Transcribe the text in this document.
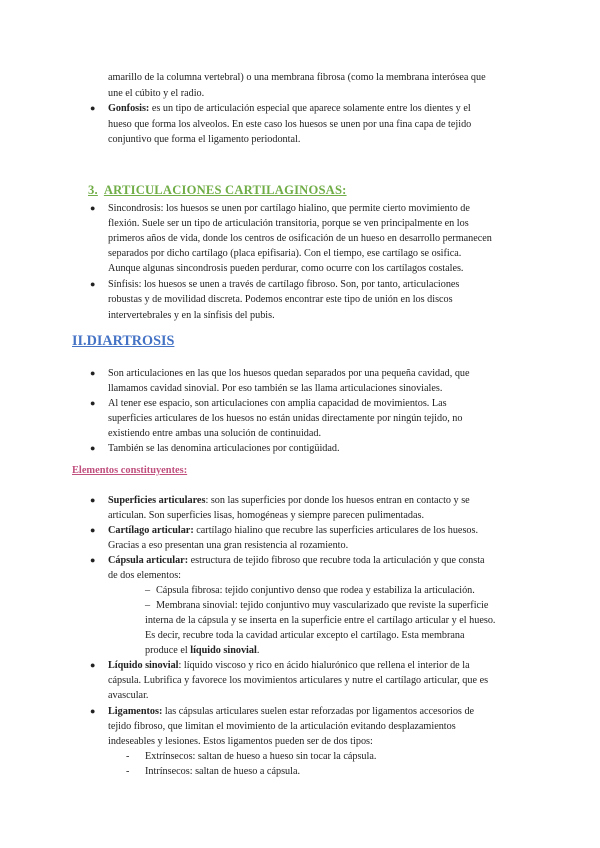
amarillo de la columna vertebral) o una membrana fibrosa (como la membrana interósea que
une el cúbito y el radio.
● Gonfosis: es un tipo de articulación especial que aparece solamente entre los dientes y el
hueso que forma los alveolos. En este caso los huesos se unen por una fina capa de tejido
conjuntivo que forma el ligamento periodontal.
3. ARTICULACIONES CARTILAGINOSAS:
● Sincondrosis: los huesos se unen por cartílago hialino, que permite cierto movimiento de
flexión. Suele ser un tipo de articulación transitoria, porque se ven principalmente en los
primeros años de vida, donde los centros de osificación de un hueso en desarrollo permanecen
separados por dicho cartílago (placa epifisaria). Con el tiempo, ese cartílago se osifica.
Aunque algunas sincondrosis pueden perdurar, como ocurre con los cartílagos costales.
● Sínfisis: los huesos se unen a través de cartílago fibroso. Son, por tanto, articulaciones
robustas y de movilidad discreta. Podemos encontrar este tipo de unión en los discos
intervertebrales y en la sínfisis del pubis.
II.DIARTROSIS
● Son articulaciones en las que los huesos quedan separados por una pequeña cavidad, que
llamamos cavidad sinovial. Por eso también se las llama articulaciones sinoviales.
● Al tener ese espacio, son articulaciones con amplia capacidad de movimientos. Las
superficies articulares de los huesos no están unidas directamente por ningún tejido, no
existiendo entre ambas una solución de continuidad.
● También se las denomina articulaciones por contigüidad.
Elementos constituyentes:
● Superficies articulares: son las superficies por donde los huesos entran en contacto y se
articulan. Son superficies lisas, homogéneas y siempre parecen pulimentadas.
● Cartílago articular: cartílago hialino que recubre las superficies articulares de los huesos.
Gracias a eso presentan una gran resistencia al rozamiento.
● Cápsula articular: estructura de tejido fibroso que recubre toda la articulación y que consta
de dos elementos:
– Cápsula fibrosa: tejido conjuntivo denso que rodea y estabiliza la articulación.
– Membrana sinovial: tejido conjuntivo muy vascularizado que reviste la superficie
interna de la cápsula y se inserta en la superficie entre el cartílago articular y el hueso.
Es decir, recubre toda la cavidad articular excepto el cartílago. Esta membrana
produce el líquido sinovial.
● Líquido sinovial: líquido viscoso y rico en ácido hialurónico que rellena el interior de la
cápsula. Lubrifica y favorece los movimientos articulares y nutre el cartílago articular, que es
avascular.
● Ligamentos: las cápsulas articulares suelen estar reforzadas por ligamentos accesorios de
tejido fibroso, que limitan el movimiento de la articulación evitando desplazamientos
indeseables y lesiones. Estos ligamentos pueden ser de dos tipos:
- Extrínsecos: saltan de hueso a hueso sin tocar la cápsula.
- Intrínsecos: saltan de hueso a cápsula.
